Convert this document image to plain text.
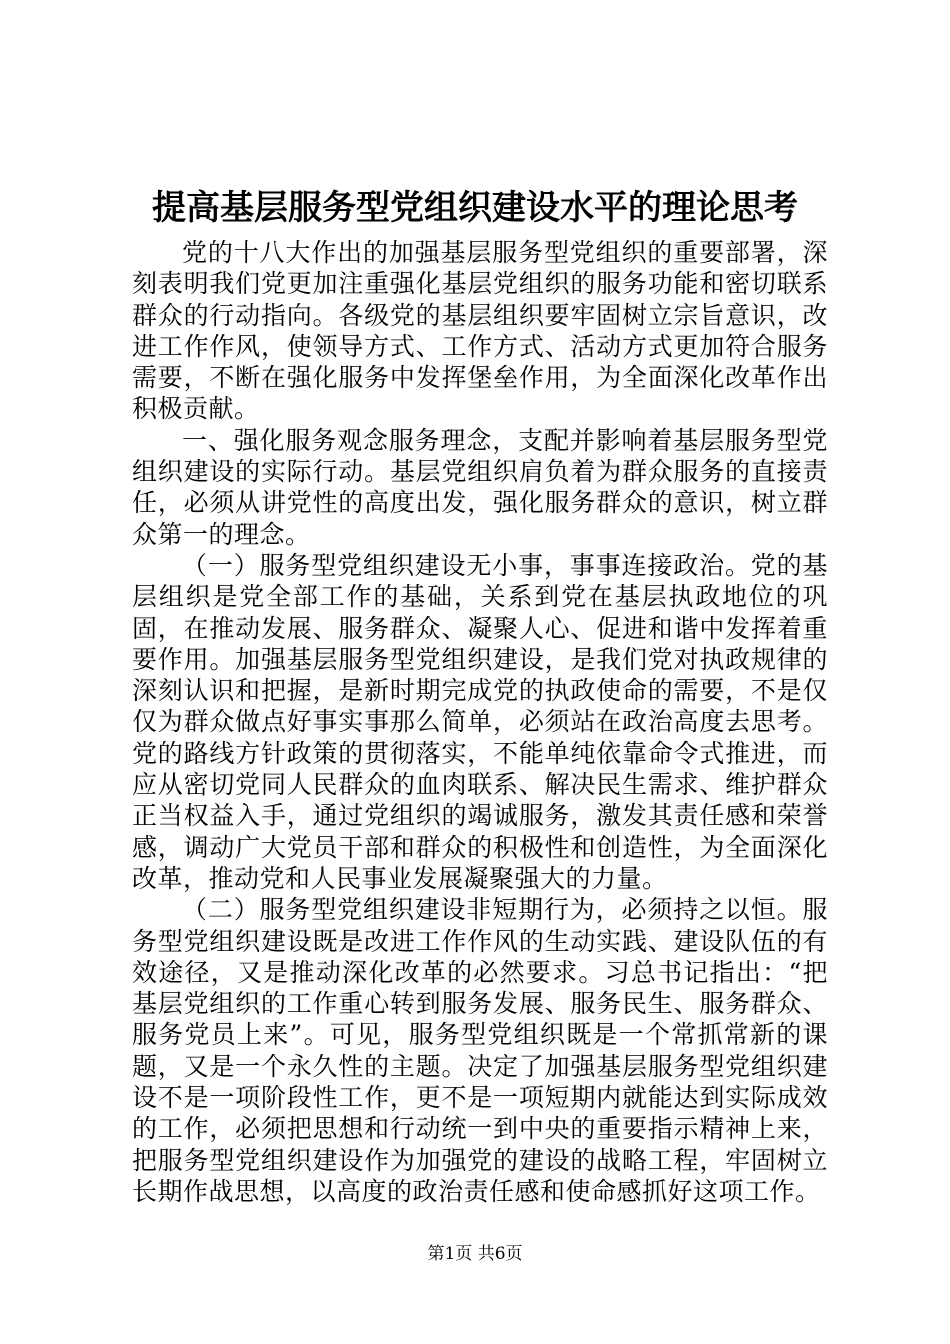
提高基层服务型党组织建设水平的理论思考

党的十八大作出的加强基层服务型党组织的重要部署，深刻表明我们党更加注重强化基层党组织的服务功能和密切联系群众的行动指向。各级党的基层组织要牢固树立宗旨意识，改进工作作风，使领导方式、工作方式、活动方式更加符合服务需要，不断在强化服务中发挥堡垒作用，为全面深化改革作出积极贡献。

一、强化服务观念服务理念，支配并影响着基层服务型党组织建设的实际行动。基层党组织肩负着为群众服务的直接责任，必须从讲党性的高度出发，强化服务群众的意识，树立群众第一的理念。

（一）服务型党组织建设无小事，事事连接政治。党的基层组织是党全部工作的基础，关系到党在基层执政地位的巩固，在推动发展、服务群众、凝聚人心、促进和谐中发挥着重要作用。加强基层服务型党组织建设，是我们党对执政规律的深刻认识和把握，是新时期完成党的执政使命的需要，不是仅仅为群众做点好事实事那么简单，必须站在政治高度去思考。党的路线方针政策的贯彻落实，不能单纯依靠命令式推进，而应从密切党同人民群众的血肉联系、解决民生需求、维护群众正当权益入手，通过党组织的竭诚服务，激发其责任感和荣誉感，调动广大党员干部和群众的积极性和创造性，为全面深化改革，推动党和人民事业发展凝聚强大的力量。

（二）服务型党组织建设非短期行为，必须持之以恒。服务型党组织建设既是改进工作作风的生动实践、建设队伍的有效途径，又是推动深化改革的必然要求。习总书记指出：“把基层党组织的工作重心转到服务发展、服务民生、服务群众、服务党员上来”。可见，服务型党组织既是一个常抓常新的课题，又是一个永久性的主题。决定了加强基层服务型党组织建设不是一项阶段性工作，更不是一项短期内就能达到实际成效的工作，必须把思想和行动统一到中央的重要指示精神上来，把服务型党组织建设作为加强党的建设的战略工程，牢固树立长期作战思想，以高度的政治责任感和使命感抓好这项工作。

第1页 共6页
